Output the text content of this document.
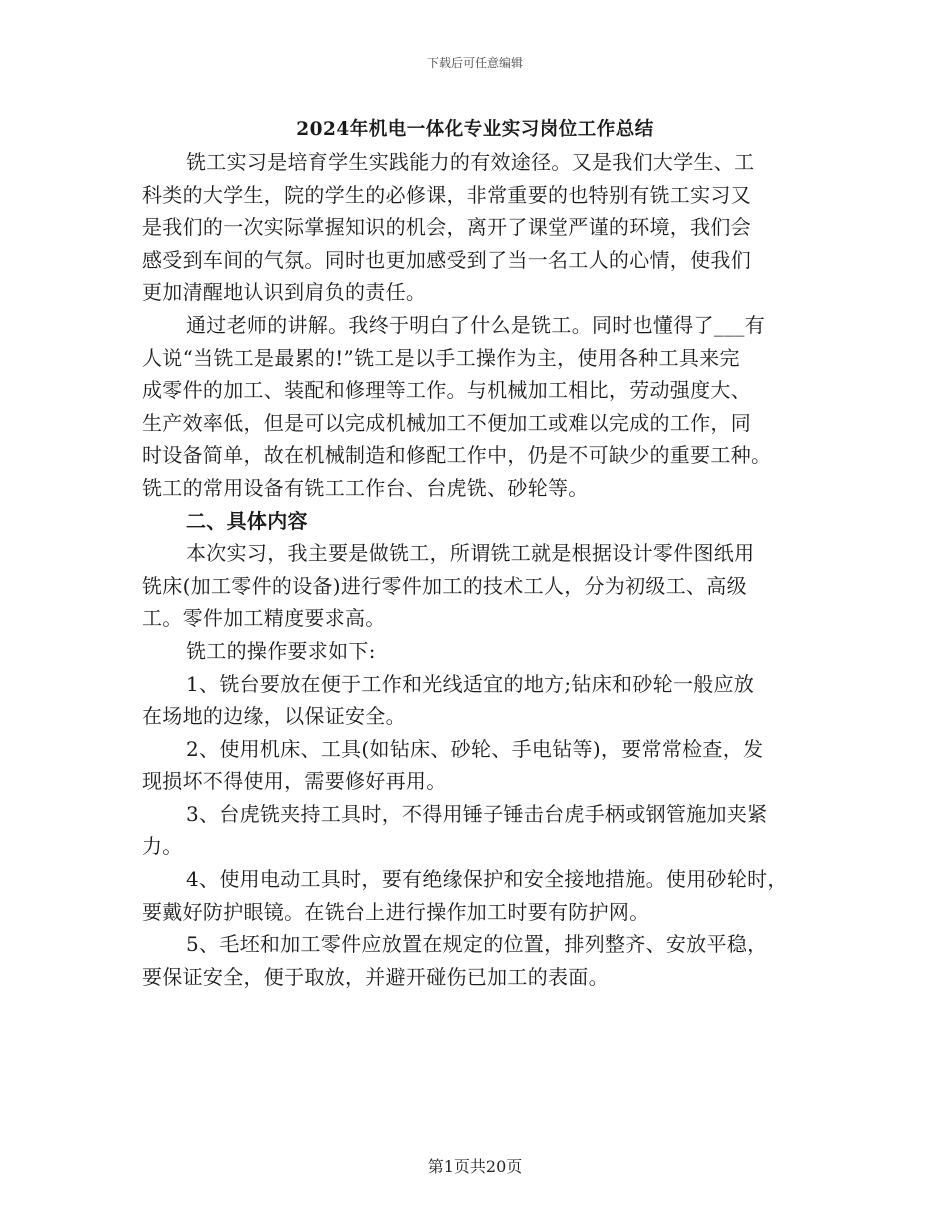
下载后可任意编辑
2024年机电一体化专业实习岗位工作总结
铣工实习是培育学生实践能力的有效途径。又是我们大学生、工
科类的大学生，院的学生的必修课，非常重要的也特别有铣工实习又
是我们的一次实际掌握知识的机会，离开了课堂严谨的环境，我们会
感受到车间的气氛。同时也更加感受到了当一名工人的心情，使我们
更加清醒地认识到肩负的责任。
通过老师的讲解。我终于明白了什么是铣工。同时也懂得了___有
人说“当铣工是最累的!”铣工是以手工操作为主，使用各种工具来完
成零件的加工、装配和修理等工作。与机械加工相比，劳动强度大、
生产效率低，但是可以完成机械加工不便加工或难以完成的工作，同
时设备简单，故在机械制造和修配工作中，仍是不可缺少的重要工种。
铣工的常用设备有铣工工作台、台虎铣、砂轮等。
二、具体内容
本次实习，我主要是做铣工，所谓铣工就是根据设计零件图纸用
铣床(加工零件的设备)进行零件加工的技术工人，分为初级工、高级
工。零件加工精度要求高。
铣工的操作要求如下:
1、铣台要放在便于工作和光线适宜的地方;钻床和砂轮一般应放
在场地的边缘，以保证安全。
2、使用机床、工具(如钻床、砂轮、手电钻等)，要常常检查，发
现损坏不得使用，需要修好再用。
3、台虎铣夹持工具时，不得用锤子锤击台虎手柄或钢管施加夹紧
力。
4、使用电动工具时，要有绝缘保护和安全接地措施。使用砂轮时，
要戴好防护眼镜。在铣台上进行操作加工时要有防护网。
5、毛坯和加工零件应放置在规定的位置，排列整齐、安放平稳，
要保证安全，便于取放，并避开碰伤已加工的表面。
第1页共20页
